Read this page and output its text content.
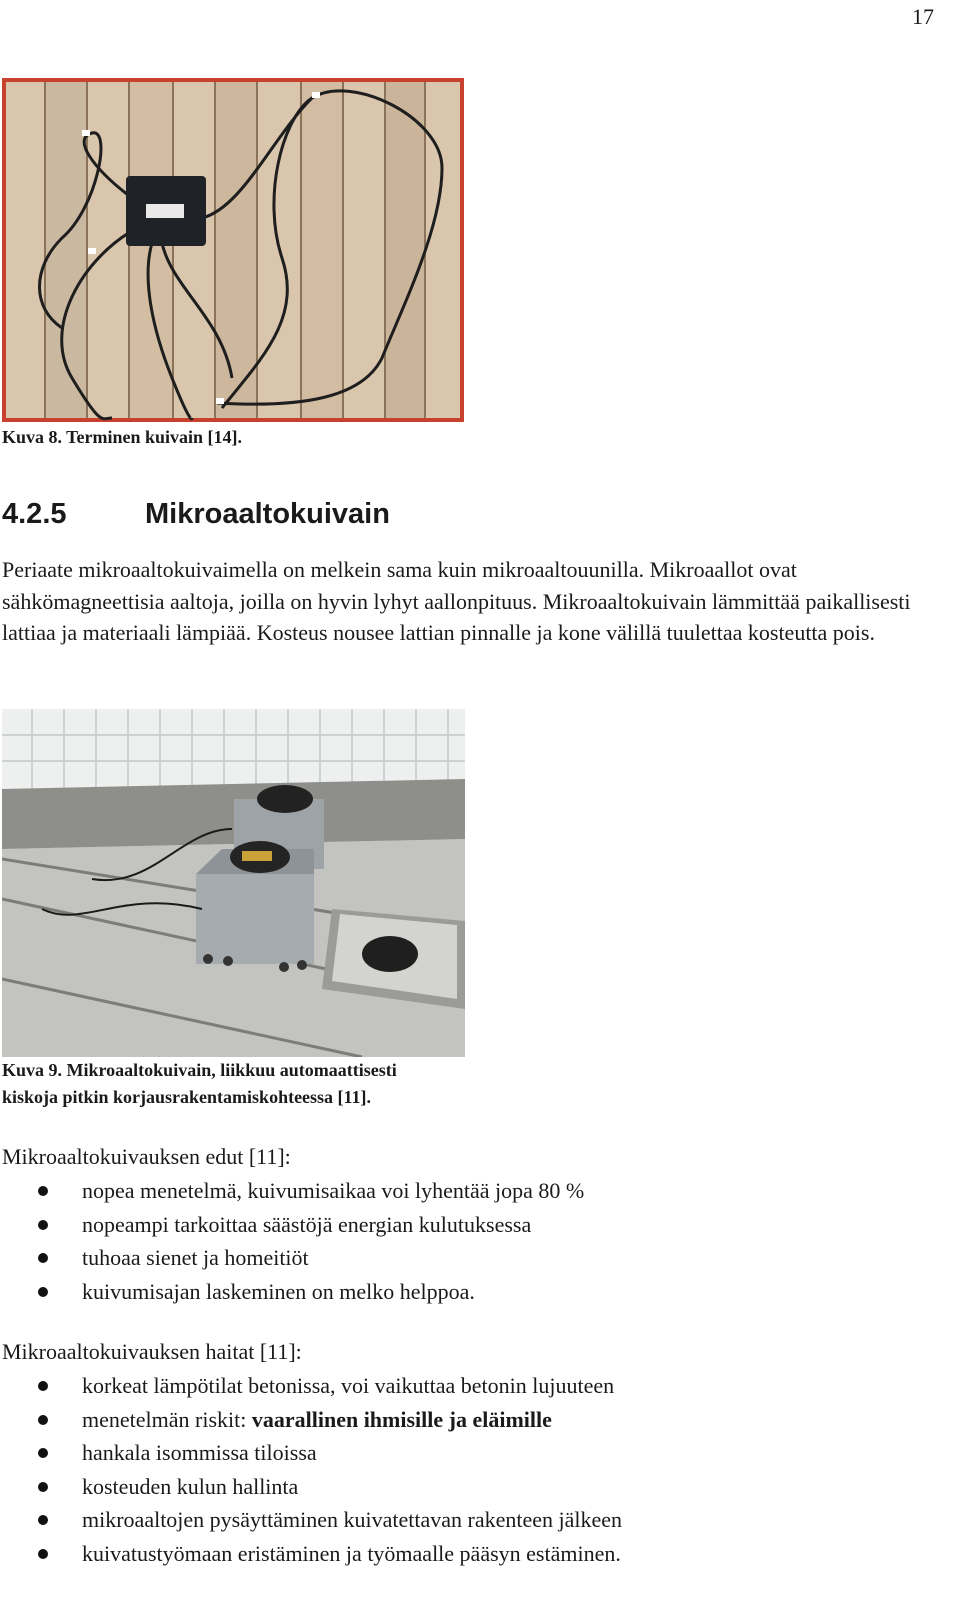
17
Kuva 8. Terminen kuivain [14].
4.2.5	Mikroaaltokuivain

Periaate mikroaaltokuivaimella on melkein sama kuin mikroaaltouunilla. Mikroaallot ovat sähkömagneettisia aaltoja, joilla on hyvin lyhyt aallonpituus. Mikroaaltokuivain lämmittää paikallisesti lattiaa ja materiaali lämpiää. Kosteus nousee lattian pinnalle ja kone välillä tuulettaa kosteutta pois.

Kuva 9. Mikroaaltokuivain, liikkuu automaattisesti
kiskoja pitkin korjausrakentamiskohteessa [11].

Mikroaaltokuivauksen edut [11]:

nopea menetelmä, kuivumisaikaa voi lyhentää jopa 80 %
nopeampi tarkoittaa säästöjä energian kulutuksessa
tuhoaa sienet ja homeitiöt
kuivumisajan laskeminen on melko helppoa.

Mikroaaltokuivauksen haitat [11]:

korkeat lämpötilat betonissa, voi vaikuttaa betonin lujuuteen
menetelmän riskit: vaarallinen ihmisille ja eläimille
hankala isommissa tiloissa
kosteuden kulun hallinta
mikroaaltojen pysäyttäminen kuivatettavan rakenteen jälkeen
kuivatustyömaan eristäminen ja työmaalle pääsyn estäminen.
